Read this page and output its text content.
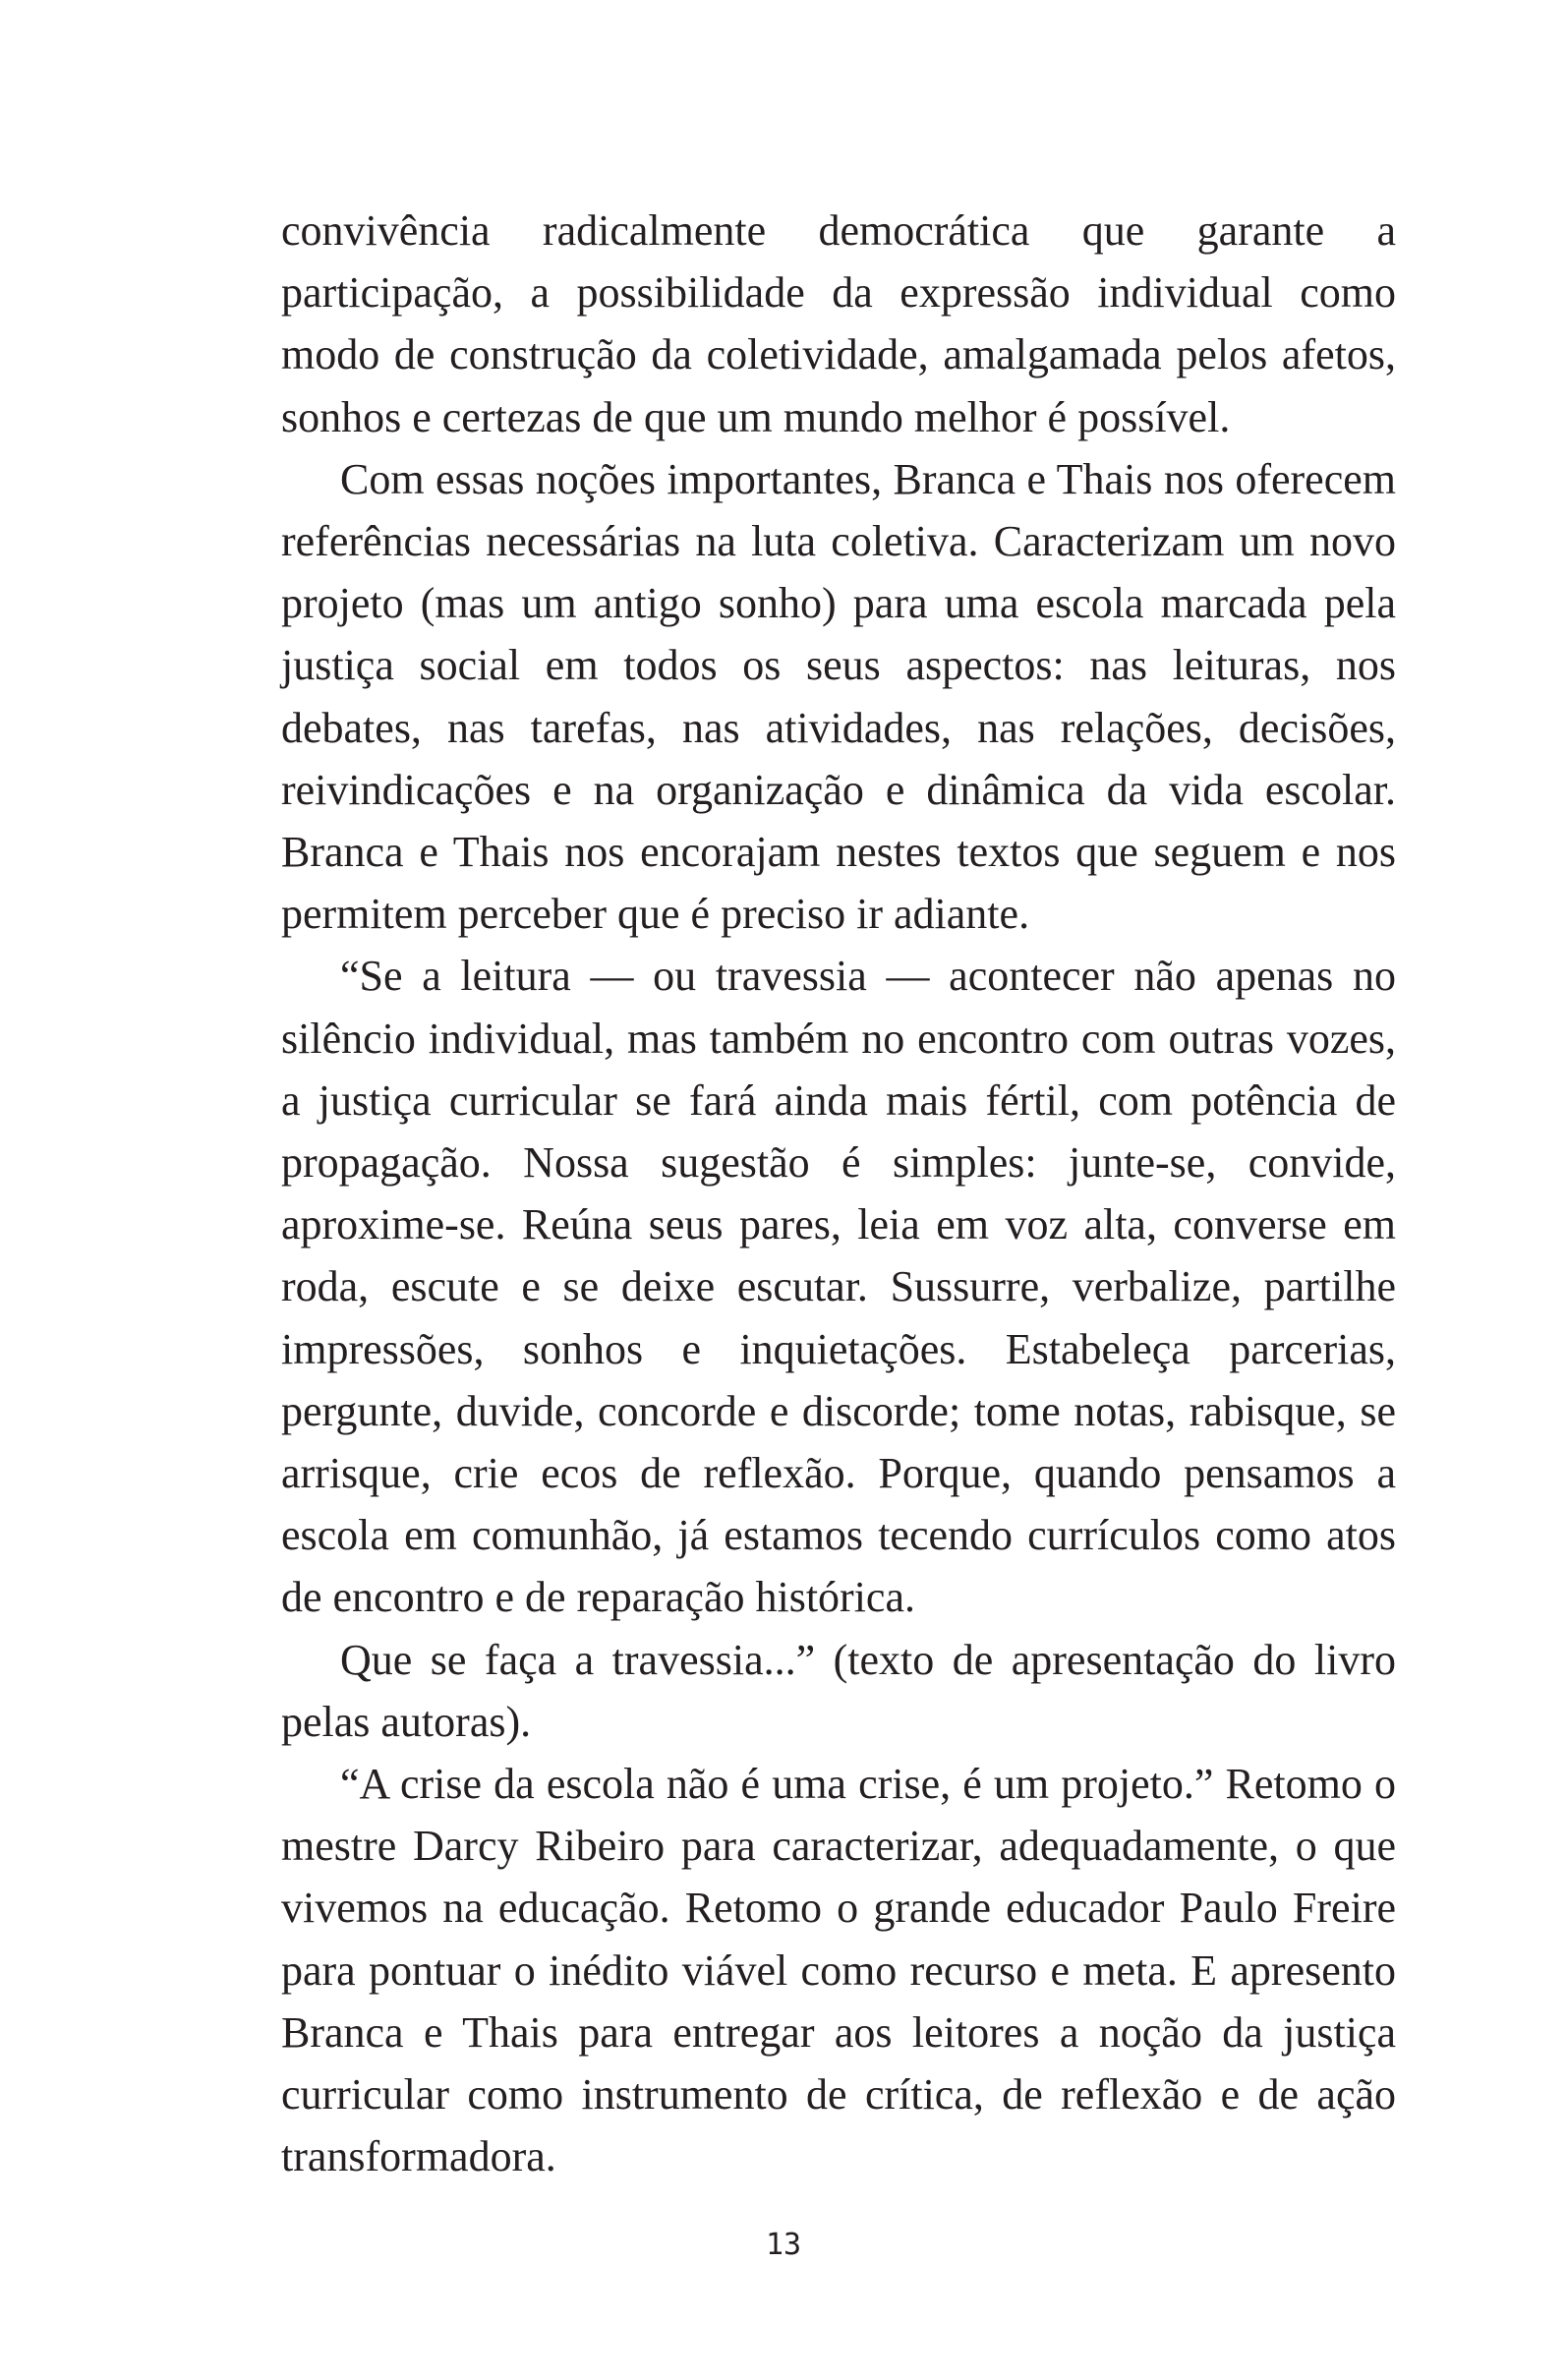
convivência radicalmente democrática que garante a participação, a possibilidade da expressão individual como modo de construção da coletividade, amalgamada pelos afetos, sonhos e certezas de que um mundo melhor é possível.

Com essas noções importantes, Branca e Thais nos oferecem referências necessárias na luta coletiva. Caracterizam um novo projeto (mas um antigo sonho) para uma escola marcada pela justiça social em todos os seus aspectos: nas leituras, nos debates, nas tarefas, nas atividades, nas relações, decisões, reivindicações e na organização e dinâmica da vida escolar. Branca e Thais nos encorajam nestes textos que seguem e nos permitem perceber que é preciso ir adiante.

“Se a leitura — ou travessia — acontecer não apenas no silêncio individual, mas também no encontro com outras vozes, a justiça curricular se fará ainda mais fértil, com potência de propagação. Nossa sugestão é simples: junte-se, convide, aproxime-se. Reúna seus pares, leia em voz alta, converse em roda, escute e se deixe escutar. Sussurre, verbalize, partilhe impressões, sonhos e inquietações. Estabeleça parcerias, pergunte, duvide, concorde e discorde; tome notas, rabisque, se arrisque, crie ecos de reflexão. Porque, quando pensamos a escola em comunhão, já estamos tecendo currículos como atos de encontro e de reparação histórica.

Que se faça a travessia...” (texto de apresentação do livro pelas autoras).

“A crise da escola não é uma crise, é um projeto.” Retomo o mestre Darcy Ribeiro para caracterizar, adequadamente, o que vivemos na educação. Retomo o grande educador Paulo Freire para pontuar o inédito viável como recurso e meta. E apresento Branca e Thais para entregar aos leitores a noção da justiça curricular como instrumento de crítica, de reflexão e de ação transformadora.

13
